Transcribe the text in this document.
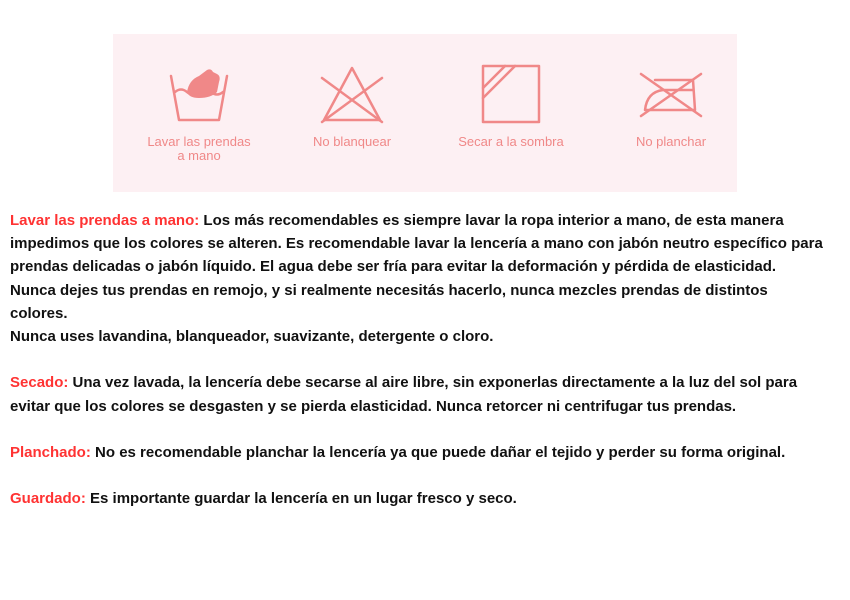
Lavar las prendas
a mano
No blanquear	Secar a la sombra	No planchar

Lavar las prendas a mano: Los más recomendables es siempre lavar la ropa interior a mano, de esta manera impedimos que los colores se alteren. Es recomendable lavar la lencería a mano con jabón neutro específico para prendas delicadas o jabón líquido. El agua debe ser fría para evitar la deformación y pérdida de elasticidad. Nunca dejes tus prendas en remojo, y si realmente necesitás hacerlo, nunca mezcles prendas de distintos colores.

Nunca uses lavandina, blanqueador, suavizante, detergente o cloro.

Secado: Una vez lavada, la lencería debe secarse al aire libre, sin exponerlas directamente a la luz del sol para evitar que los colores se desgasten y se pierda elasticidad. Nunca retorcer ni centrifugar tus prendas.

Planchado: No es recomendable planchar la lencería ya que puede dañar el tejido y perder su forma original.

Guardado: Es importante guardar la lencería en un lugar fresco y seco.
